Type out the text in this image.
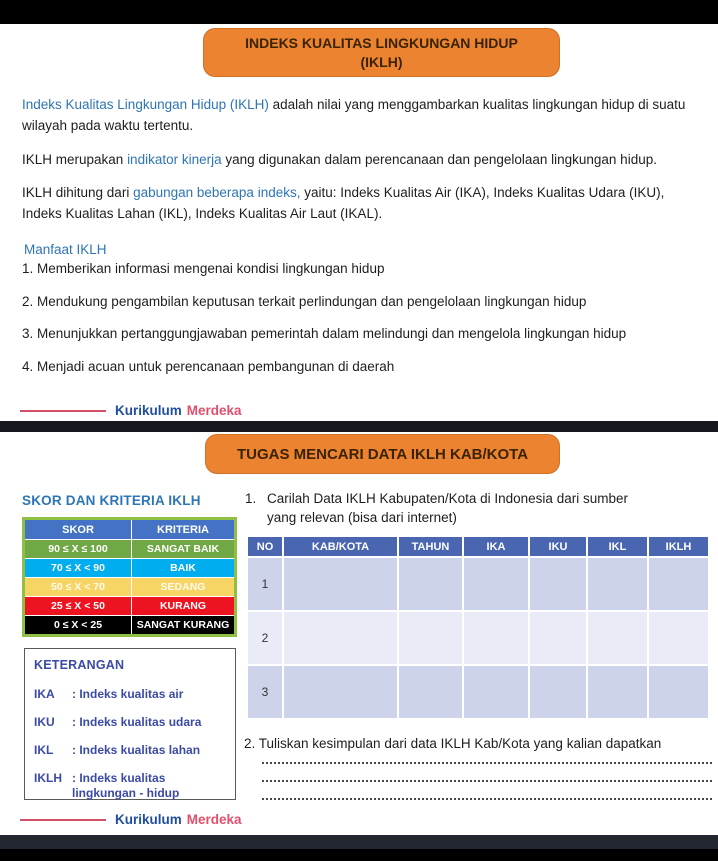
INDEKS KUALITAS LINGKUNGAN HIDUP
(IKLH)
Indeks Kualitas Lingkungan Hidup (IKLH) adalah nilai yang menggambarkan kualitas lingkungan hidup di suatu wilayah pada waktu tertentu.
IKLH merupakan indikator kinerja yang digunakan dalam perencanaan dan pengelolaan lingkungan hidup.
IKLH dihitung dari gabungan beberapa indeks, yaitu: Indeks Kualitas Air (IKA), Indeks Kualitas Udara (IKU), Indeks Kualitas Lahan (IKL), Indeks Kualitas Air Laut (IKAL).
Manfaat IKLH
1. Memberikan informasi mengenai kondisi lingkungan hidup
2. Mendukung pengambilan keputusan terkait perlindungan dan pengelolaan lingkungan hidup
3. Menunjukkan pertanggungjawaban pemerintah dalam melindungi dan mengelola lingkungan hidup
4. Menjadi acuan untuk perencanaan pembangunan di daerah
Kurikulum Merdeka
TUGAS MENCARI DATA IKLH KAB/KOTA
SKOR DAN KRITERIA IKLH
SKOR	KRITERIA
90 ≤ X ≤ 100	SANGAT BAIK
70 ≤ X < 90	BAIK
50 ≤ X < 70	SEDANG
25 ≤ X < 50	KURANG
0 ≤ X < 25	SANGAT KURANG
KETERANGAN
IKA	: Indeks kualitas air
IKU	: Indeks kualitas udara
IKL	: Indeks kualitas lahan
IKLH : Indeks kualitas lingkungan - hidup
1. Carilah Data IKLH Kabupaten/Kota di Indonesia dari sumber
yang relevan (bisa dari internet)
NO	KAB/KOTA	TAHUN	IKA	IKU	IKL	IKLH
1
2
3
2. Tuliskan kesimpulan dari data IKLH Kab/Kota yang kalian dapatkan
Kurikulum Merdeka
